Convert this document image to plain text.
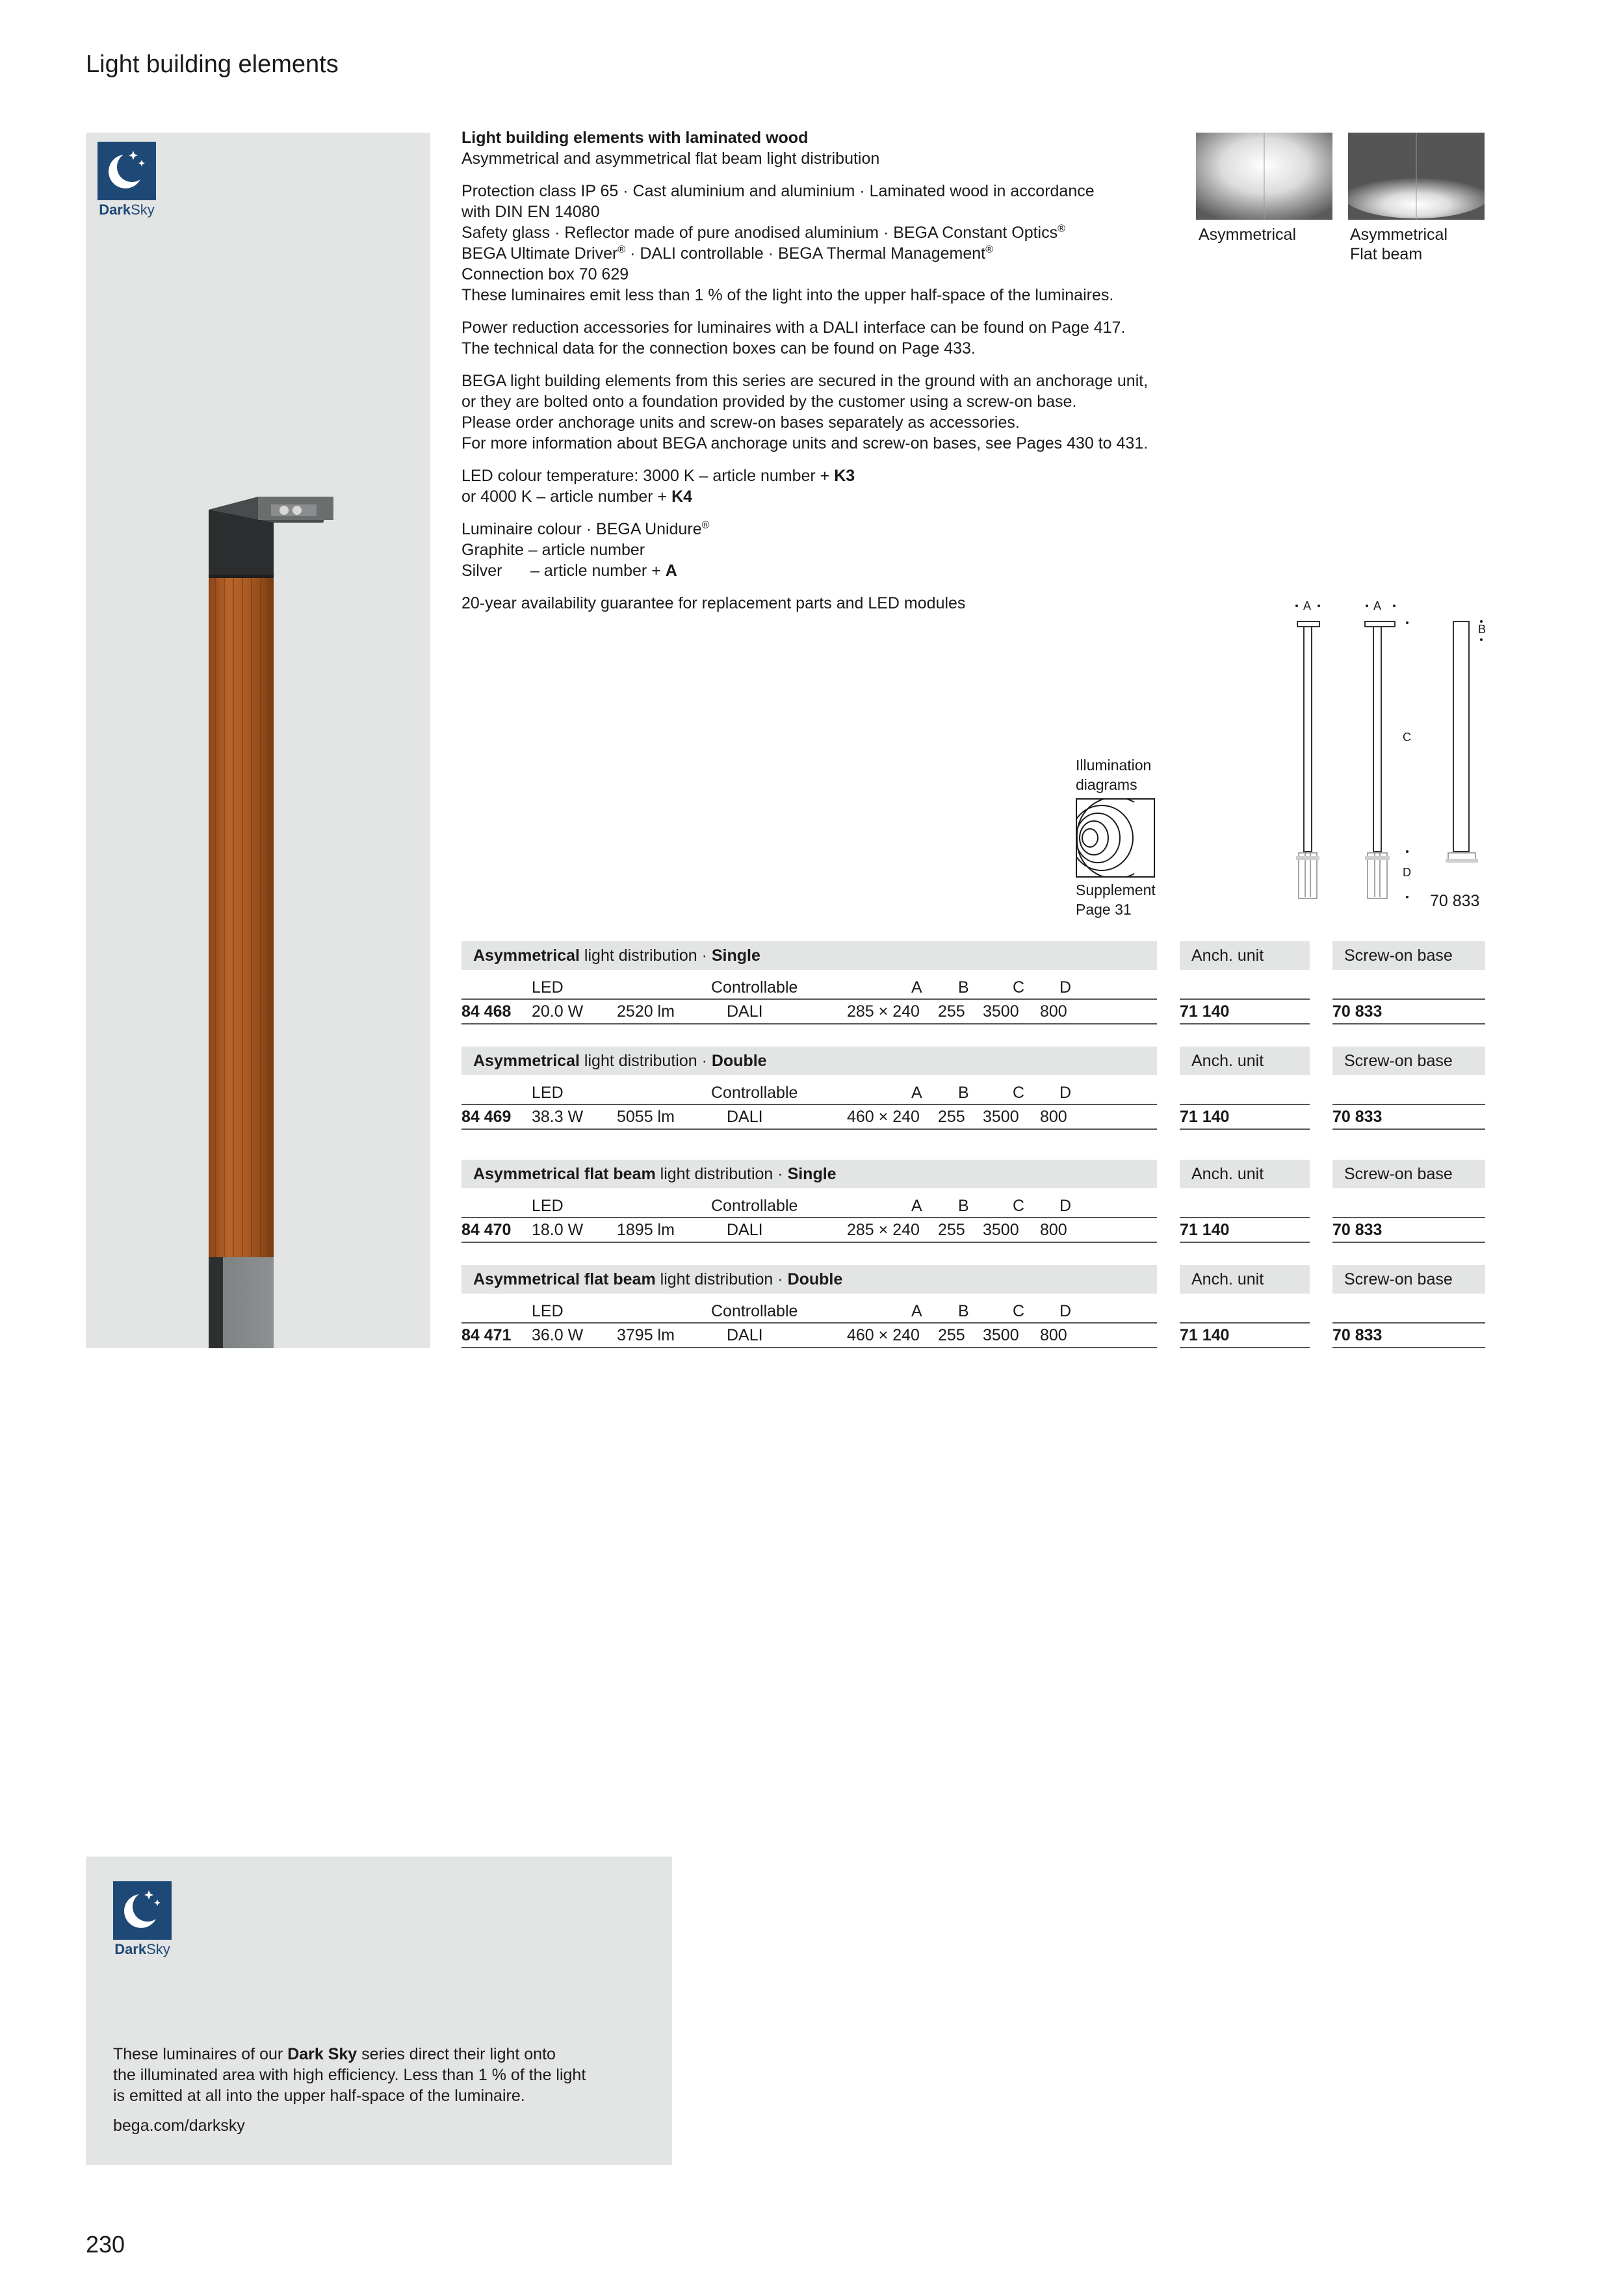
Light building elements
DarkSky

Light building elements with laminated wood
Asymmetrical and asymmetrical flat beam light distribution

Protection class IP 65 · Cast aluminium and aluminium · Laminated wood in accordance
with DIN EN 14080
Safety glass · Reflector made of pure anodised aluminium · BEGA Constant Optics®
BEGA Ultimate Driver® · DALI controllable · BEGA Thermal Management®
Connection box 70 629
These luminaires emit less than 1 % of the light into the upper half-space of the luminaires.

Power reduction accessories for luminaires with a DALI interface can be found on Page 417.
The technical data for the connection boxes can be found on Page 433.

BEGA light building elements from this series are secured in the ground with an anchorage unit,
or they are bolted onto a foundation provided by the customer using a screw-on base.
Please order anchorage units and screw-on bases separately as accessories.
For more information about BEGA anchorage units and screw-on bases, see Pages 430 to 431.

LED colour temperature: 3000 K – article number + K3
or 4000 K – article number + K4

Luminaire colour · BEGA Unidure®
Graphite – article number
Silver – article number + A

20-year availability guarantee for replacement parts and LED modules

Asymmetrical	Asymmetrical
Flat beam
Illumination
diagrams
Supplement
Page 31
A	A
B
C
D
70 833
Asymmetrical light distribution · Single	Anch. unit	Screw-on base
LED	Controllable	A B	C D
84 468 20.0 W 2520 lm	DALI	285 × 240 255 3500 800	71 140	70 833
Asymmetrical light distribution · Double	Anch. unit	Screw-on base
LED	Controllable	A B	C D
84 469 38.3 W 5055 lm	DALI	460 × 240 255 3500 800	71 140	70 833
Asymmetrical flat beam light distribution · Single	Anch. unit	Screw-on base
LED	Controllable	A B	C D
84 470 18.0 W 1895 lm	DALI	285 × 240 255 3500 800	71 140	70 833
Asymmetrical flat beam light distribution · Double	Anch. unit	Screw-on base
LED	Controllable	A B	C D
84 471 36.0 W 3795 lm	DALI	460 × 240 255 3500 800	71 140	70 833
DarkSky
These luminaires of our Dark Sky series direct their light onto
the illuminated area with high efficiency. Less than 1 % of the light
is emitted at all into the upper half-space of the luminaire.
bega.com/darksky
230
